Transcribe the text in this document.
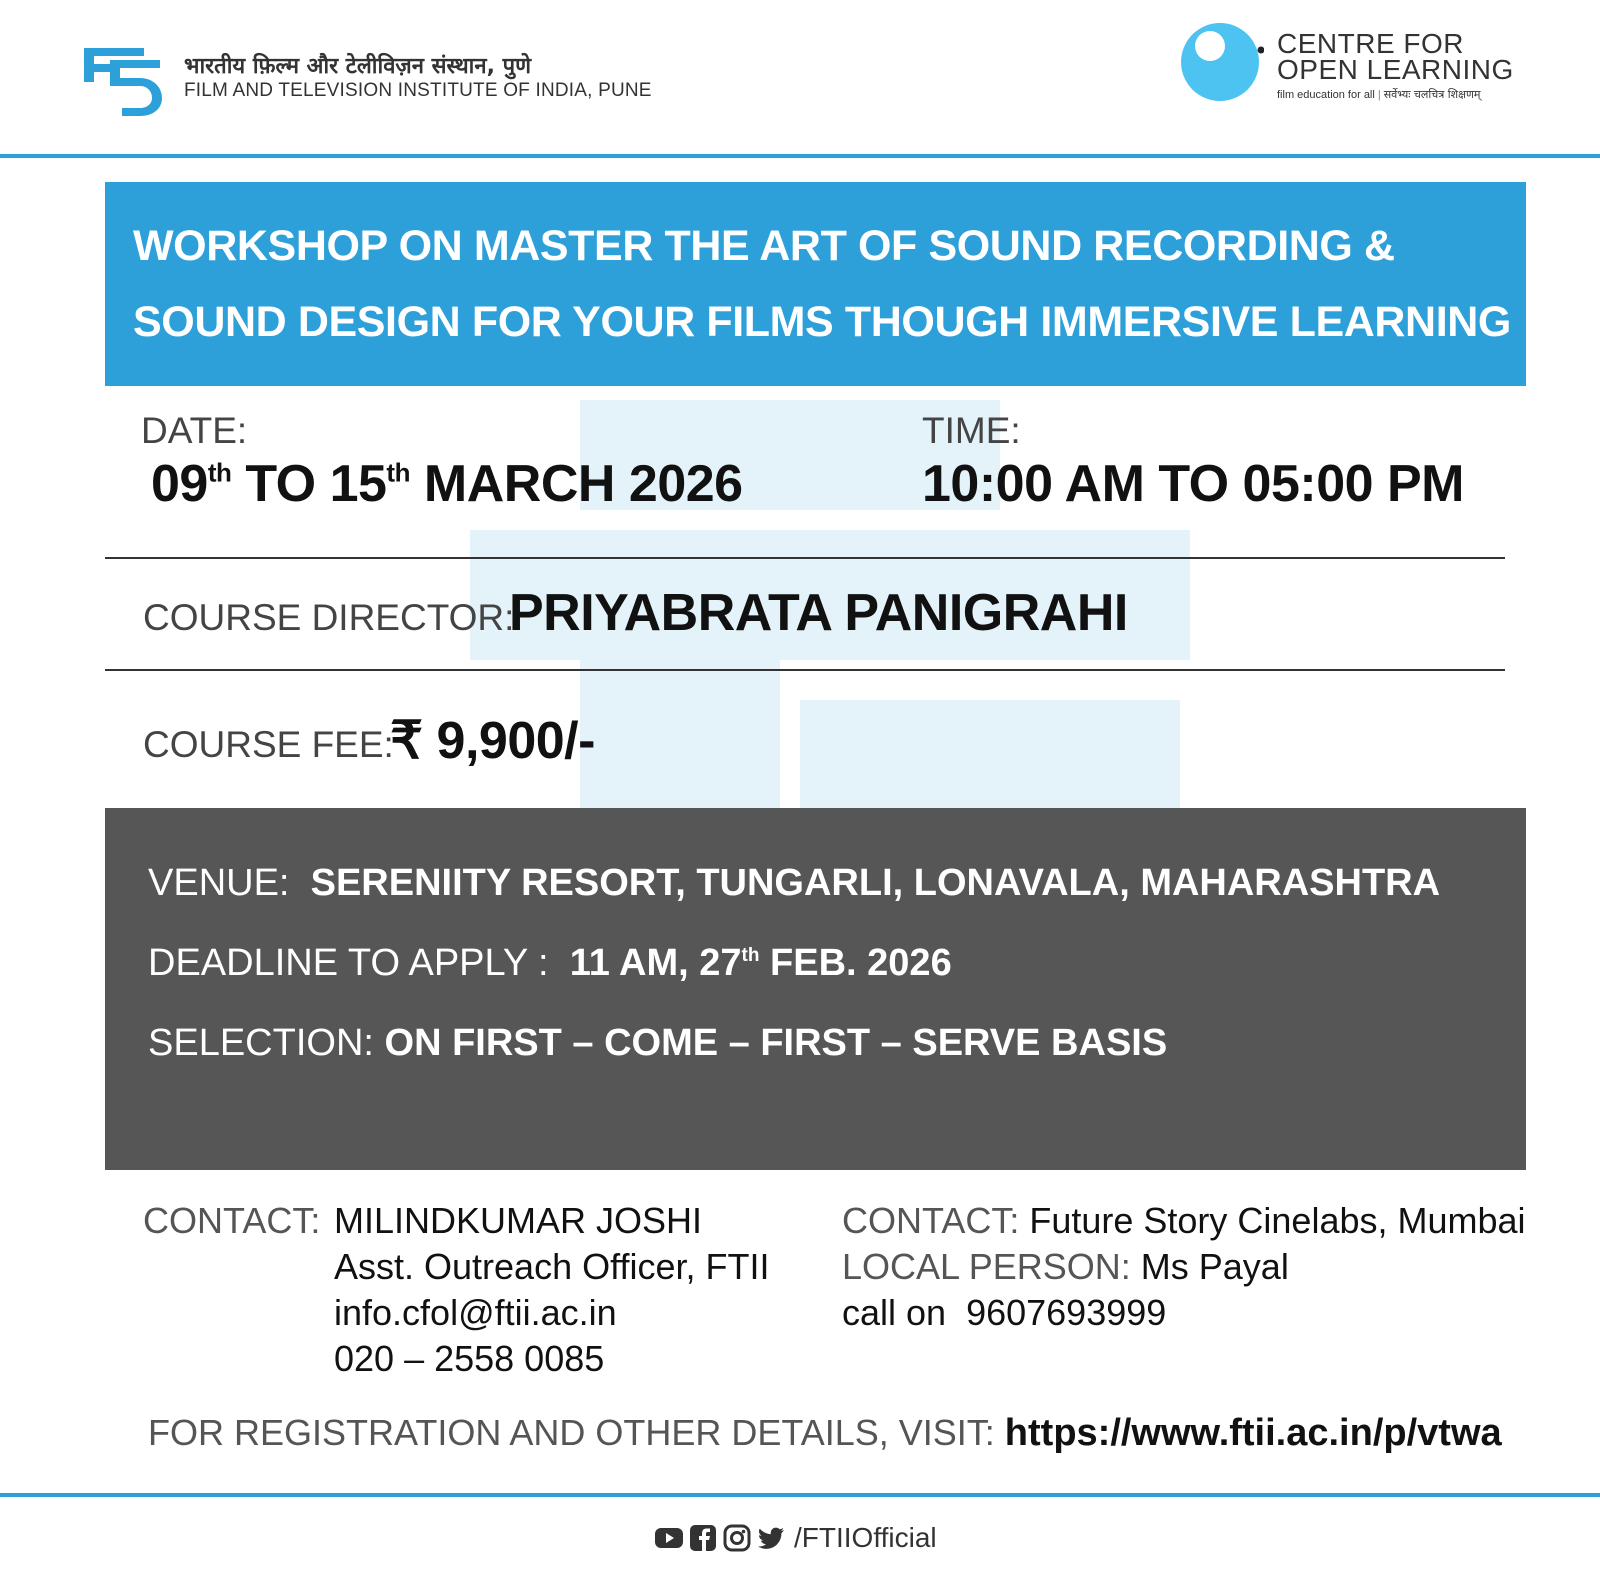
भारतीय फ़िल्म और टेलीविज़न संस्थान, पुणे
FILM AND TELEVISION INSTITUTE OF INDIA, PUNE
CENTRE FOR
OPEN LEARNING
film education for all | सर्वेभ्यः चलचित्र शिक्षणम्
WORKSHOP ON MASTER THE ART OF SOUND RECORDING & SOUND DESIGN FOR YOUR FILMS THOUGH IMMERSIVE LEARNING
DATE:
09th TO 15th MARCH 2026
TIME:
10:00 AM TO 05:00 PM
COURSE DIRECTOR:
PRIYABRATA PANIGRAHI
COURSE FEE:
₹ 9,900/-
VENUE: SERENIITY RESORT, TUNGARLI, LONAVALA, MAHARASHTRA
DEADLINE TO APPLY : 11 AM, 27th FEB. 2026
SELECTION: ON FIRST – COME – FIRST – SERVE BASIS
CONTACT: MILINDKUMAR JOSHI
Asst. Outreach Officer, FTII
info.cfol@ftii.ac.in
020 – 2558 0085
CONTACT: Future Story Cinelabs, Mumbai
LOCAL PERSON: Ms Payal
call on 9607693999
FOR REGISTRATION AND OTHER DETAILS, VISIT: https://www.ftii.ac.in/p/vtwa
/FTIIOfficial
